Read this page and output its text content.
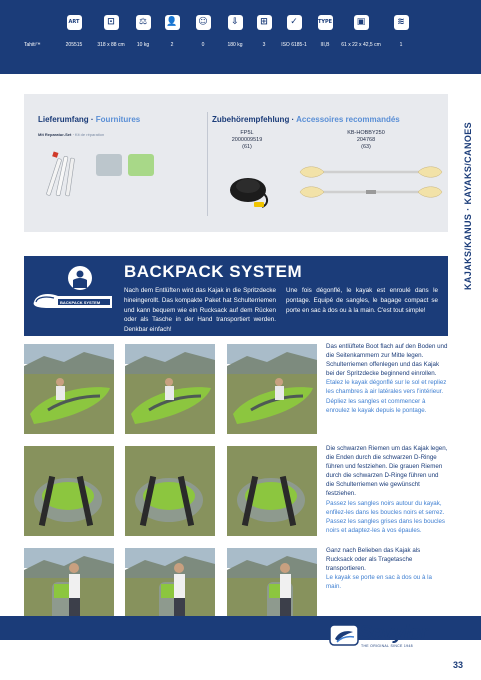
Tahiti™
ART
205515
⊡
318 x 88 cm
⚖
10 kg
👤
2
☺
0
⇩
180 kg
⊞
3
✓
ISO 6185-1
TYPE
III,B
▣
61 x 22 x 42,5 cm
≋
1
Lieferumfang · Fournitures
Mit Reparatur-Set · Kit de réparation
Zubehörempfehlung · Accessoires recommandés
FP5L
2000009519
(61)
KB-HOBBY250
204768
(63)	KAJAKS/KANUS · KAYAKS/CANOES
BACKPACK SYSTEM
BACKPACK SYSTEM
Nach dem Entlüften wird das Kajak in die Spritzdecke hineingerollt. Das kompakte Paket hat Schulterriemen und kann bequem wie ein Rucksack auf dem Rücken oder als Tasche in der Hand transportiert werden. Denkbar einfach!
Une fois dégonflé, le kayak est enroulé dans le pontage. Equipé de sangles, le bagage compact se porte en sac à dos ou à la main. C'est tout simple!
Das entlüftete Boot flach auf den Boden und die Seitenkammern zur Mitte legen. Schulterriemen offenlegen und das Kajak bei der Spritzdecke beginnend einrollen.
Etalez le kayak dégonflé sur le sol et repliez les chambres à air latérales vers l'intérieur. Dépliez les sangles et commencer à enroulez le kayak depuis le pontage.
Die schwarzen Riemen um das Kajak legen, die Enden durch die schwarzen D-Ringe führen und festziehen. Die grauen Riemen durch die schwarzen D-Ringe führen und die Schulterriemen wie gewünscht festziehen.
Passez les sangles noirs autour du kayak, enfilez-les dans les boucles noirs et serrez. Passez les sangles grises dans les boucles noirs et adaptez-les à vos épaules.
Ganz nach Belieben das Kajak als Rucksack oder als Tragetasche transportieren.
Le kayak se porte en sac à dos ou à la main.
Sevylor
THE ORIGINAL SINCE 1948
33
